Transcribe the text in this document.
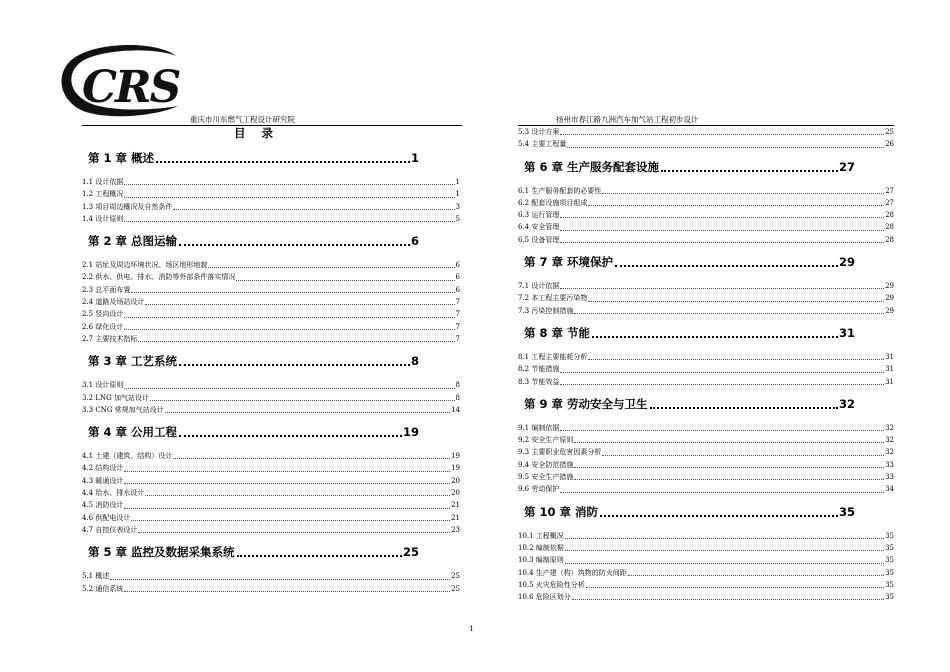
CRS
重庆市川东燃气工程设计研究院	扬州市春江路九洲汽车加气站工程初步设计
目 录
第 1 章 概述	1
1.1 设计依据	1
1.2 工程概况	1
1.3 项目周边概况及自然条件	3
1.4 设计原则	5
第 2 章 总图运输	6
2.1 站址及周边环境状况、场区地形地貌	6
2.2 供水、供电、排水、消防等外部条件落实情况	6
2.3 总平面布置	6
2.4 道路及场站设计	7
2.5 竖向设计	7
2.6 绿化设计	7
2.7 主要技术指标	7
第 3 章 工艺系统	8
3.1 设计原则	8
3.2 LNG 加气站设计	8
3.3 CNG 常规加气站设计	14
第 4 章 公用工程	19
4.1 土建（建筑、结构）设计	19
4.2 结构设计	19
4.3 暖通设计	20
4.4 给水、排水设计	20
4.5 消防设计	21
4.6 供配电设计	21
4.7 自控仪表设计	23
第 5 章 监控及数据采集系统	25
5.1 概述	25
5.2 通信系统	25
5.3 设计方案	25
5.4 主要工程量	26
第 6 章 生产服务配套设施	27
6.1 生产服务配套的必要性	27
6.2 配套设施项目组成	27
6.3 运行管理	28
6.4 安全管理	28
6.5 设备管理	28
第 7 章 环境保护	29
7.1 设计依据	29
7.2 本工程主要污染物	29
7.3 污染控制措施	29
第 8 章 节能	31
8.1 工程主要能耗分析	31
8.2 节能措施	31
8.3 节能效益	31
第 9 章 劳动安全与卫生	32
9.1 编制依据	32
9.2 安全生产原则	32
9.3 主要职业危害因素分析	32
9.4 安全防范措施	33
9.5 安全生产措施	33
9.6 劳动保护	34
第 10 章 消防	35
10.1 工程概况	35
10.2 编制依据	35
10.3 编制原则	35
10.4 生产建（构）筑物的防火间距	35
10.5 火灾危险性分析	35
10.6 危险区划分	35
1
